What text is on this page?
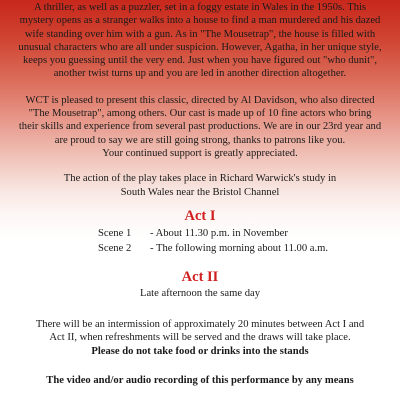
A thriller, as well as a puzzler, set in a foggy estate in Wales in the 1950s. This
mystery opens as a stranger walks into a house to find a man murdered and his dazed
wife standing over him with a gun. As in "The Mousetrap", the house is filled with
unusual characters who are all under suspicion. However, Agatha, in her unique style,
keeps you guessing until the very end. Just when you have figured out "who dunit",
another twist turns up and you are led in another direction altogether.
WCT is pleased to present this classic, directed by Al Davidson, who also directed
"The Mousetrap", among others. Our cast is made up of 10 fine actors who bring
their skills and experience from several past productions. We are in our 23rd year and
are proud to say we are still going strong, thanks to patrons like you.
Your continued support is greatly appreciated.
The action of the play takes place in Richard Warwick's study in
South Wales near the Bristol Channel
Act I
Scene 1	- About 11.30 p.m. in November
Scene 2	- The following morning about 11.00 a.m.
Act II
Late afternoon the same day
There will be an intermission of approximately 20 minutes between Act I and
Act II, when refreshments will be served and the draws will take place.
Please do not take food or drinks into the stands
The video and/or audio recording of this performance by any means
